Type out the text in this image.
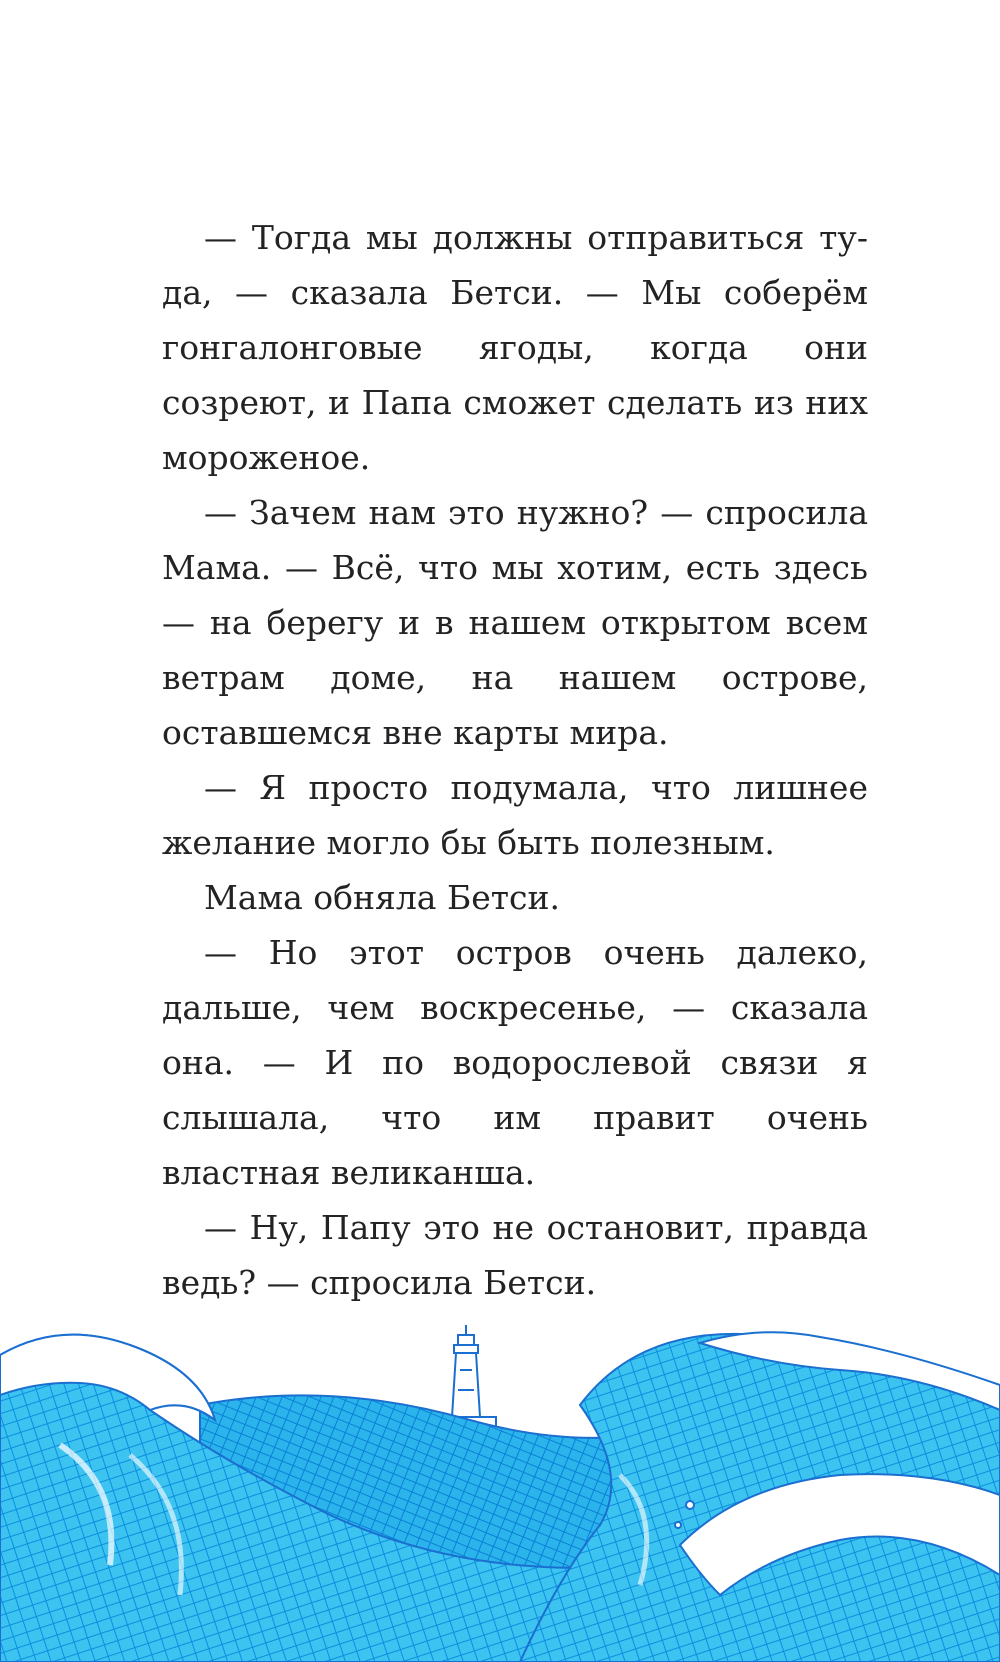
— Тогда мы должны отправиться туда, — сказала Бетси. — Мы соберём гонгалонговые ягоды, когда они созреют, и Папа сможет сделать из них мороженое.

— Зачем нам это нужно? — спросила Мама. — Всё, что мы хотим, есть здесь — на берегу и в нашем открытом всем ветрам доме, на нашем острове, оставшемся вне карты мира.

— Я просто подумала, что лишнее желание могло бы быть полезным.

Мама обняла Бетси.

— Но этот остров очень далеко, дальше, чем воскресенье, — сказала она. — И по водорослевой связи я слышала, что им правит очень властная великанша.

— Ну, Папу это не остановит, правда ведь? — спросила Бетси.
